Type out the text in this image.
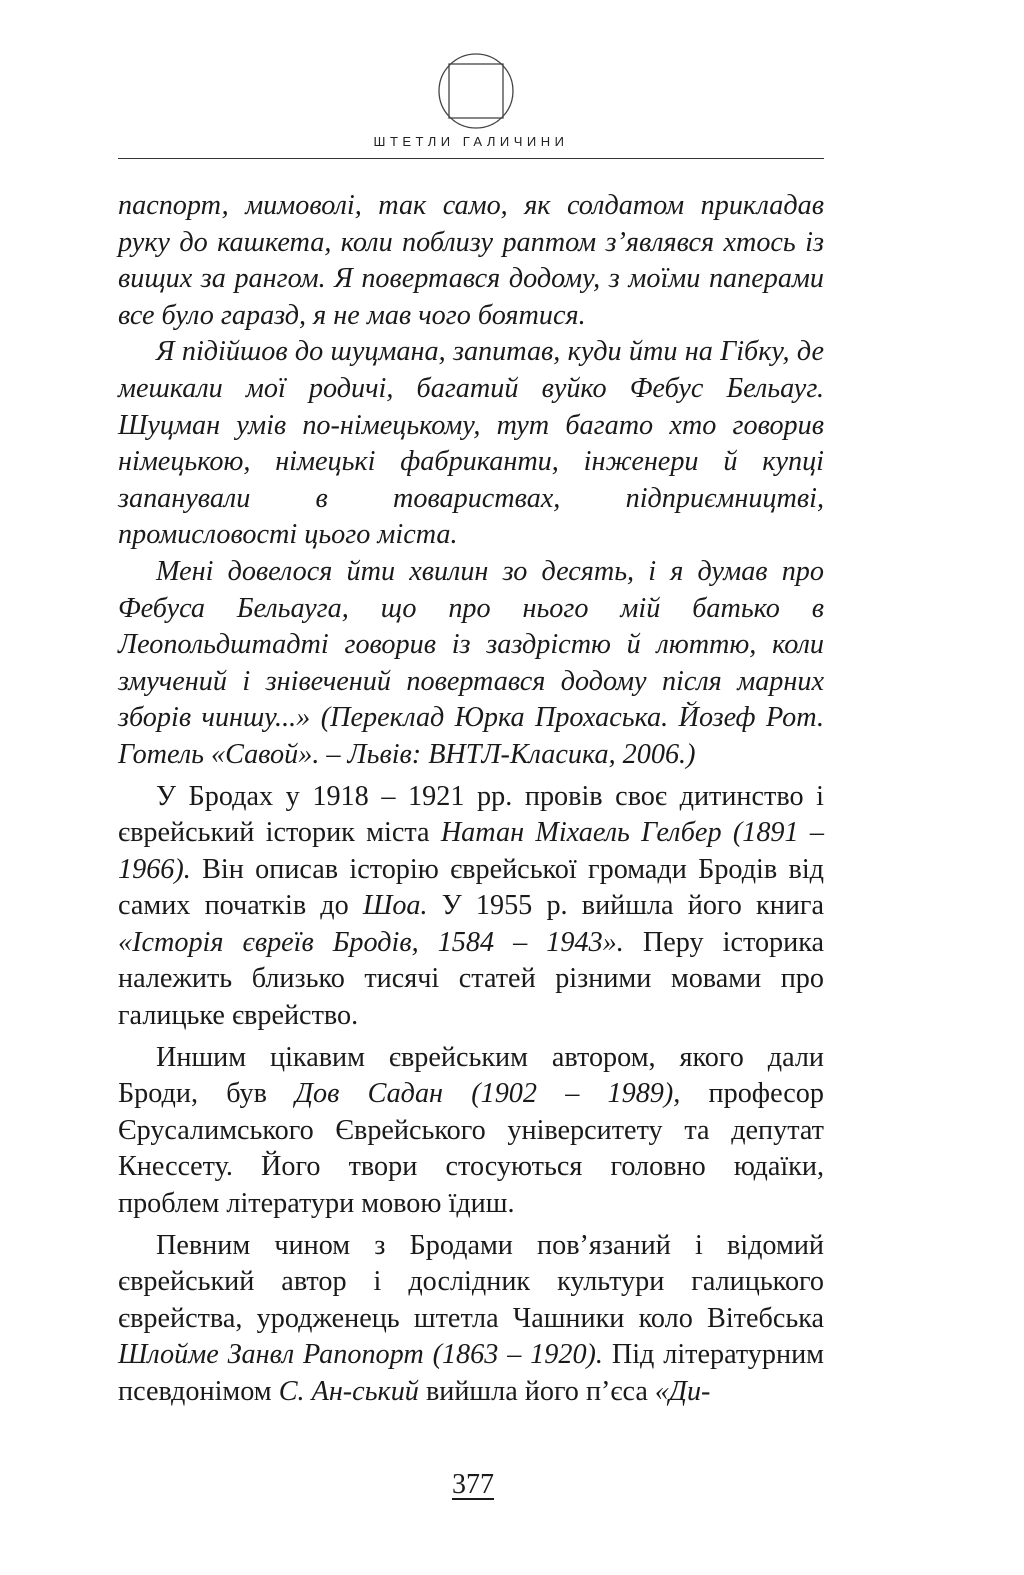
ШТЕТЛИ ГАЛИЧИНИ

паспорт, мимоволі, так само, як солдатом прикладав руку до кашкета, коли поблизу раптом з’являвся хтось із вищих за рангом. Я повертався додому, з моїми паперами все було гаразд, я не мав чого боятися.

Я підійшов до шуцмана, запитав, куди йти на Гібку, де мешкали мої родичі, багатий вуйко Фебус Бельауг. Шуцман умів по-німецькому, тут багато хто говорив німецькою, німецькі фабриканти, інженери й купці запанували в товариствах, підприємництві, промисловості цього міста.

Мені довелося йти хвилин зо десять, і я думав про Фебуса Бельауга, що про нього мій батько в Леопольдштадті говорив із заздрістю й люттю, коли змучений і знівечений повертався додому після марних зборів чиншу...» (Переклад Юрка Прохаська. Йозеф Рот. Готель «Савой». – Львів: ВНТЛ-Класика, 2006.)

У Бродах у 1918 – 1921 рр. провів своє дитинство і єврейський історик міста Натан Міхаель Гелбер (1891 – 1966). Він описав історію єврейської громади Бродів від самих початків до Шоа. У 1955 р. вийшла його книга «Історія євреїв Бродів, 1584 – 1943». Перу історика належить близько тисячі статей різними мовами про галицьке єврейство.

Иншим цікавим єврейським автором, якого дали Броди, був Дов Садан (1902 – 1989), професор Єрусалимського Єврейського університету та депутат Кнесcету. Його твори стосуються головно юдаїки, проблем літератури мовою їдиш.

Певним чином з Бродами пов’язаний і відомий єврейський автор і дослідник культури галицького єврейства, уродженець штетла Чашники коло Вітебська Шлойме Занвл Рапопорт (1863 – 1920). Під літературним псевдонімом С. Ан-ський вийшла його п’єса «Ди-

377
